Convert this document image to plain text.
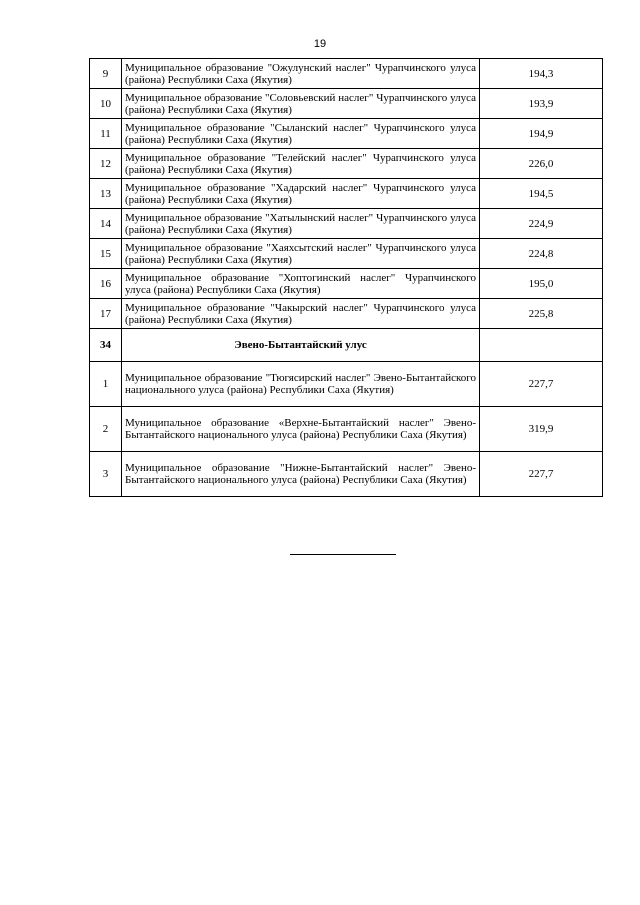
19
9	Муниципальное образование "Ожулунский наслег" Чурапчинского улуса (района) Республики Саха (Якутия)	194,3
10	Муниципальное образование "Соловьевский наслег" Чурапчинского улуса (района) Республики Саха (Якутия)	193,9
11	Муниципальное образование "Сыланский наслег" Чурапчинского улуса (района) Республики Саха (Якутия)	194,9
12	Муниципальное образование "Телейский наслег" Чурапчинского улуса (района) Республики Саха (Якутия)	226,0
13	Муниципальное образование "Хадарский наслег" Чурапчинского улуса (района) Республики Саха (Якутия)	194,5
14	Муниципальное образование "Хатылынский наслег" Чурапчинского улуса (района) Республики Саха (Якутия)	224,9
15	Муниципальное образование "Хаяхсытский наслег" Чурапчинского улуса (района) Республики Саха (Якутия)	224,8
16	Муниципальное образование "Хоптогинский наслег" Чурапчинского улуса (района) Республики Саха (Якутия)	195,0
17	Муниципальное образование "Чакырский наслег" Чурапчинского улуса (района) Республики Саха (Якутия)	225,8
34	Эвено-Бытантайский улус	
1	Муниципальное образование "Тюгясирский наслег" Эвено-Бытантайского национального улуса (района) Республики Саха (Якутия)	227,7
2	Муниципальное образование «Верхне-Бытантайский наслег" Эвено-Бытантайского национального улуса (района) Республики Саха (Якутия)	319,9
3	Муниципальное образование "Нижне-Бытантайский наслег" Эвено-Бытантайского национального улуса (района) Республики Саха (Якутия)	227,7
